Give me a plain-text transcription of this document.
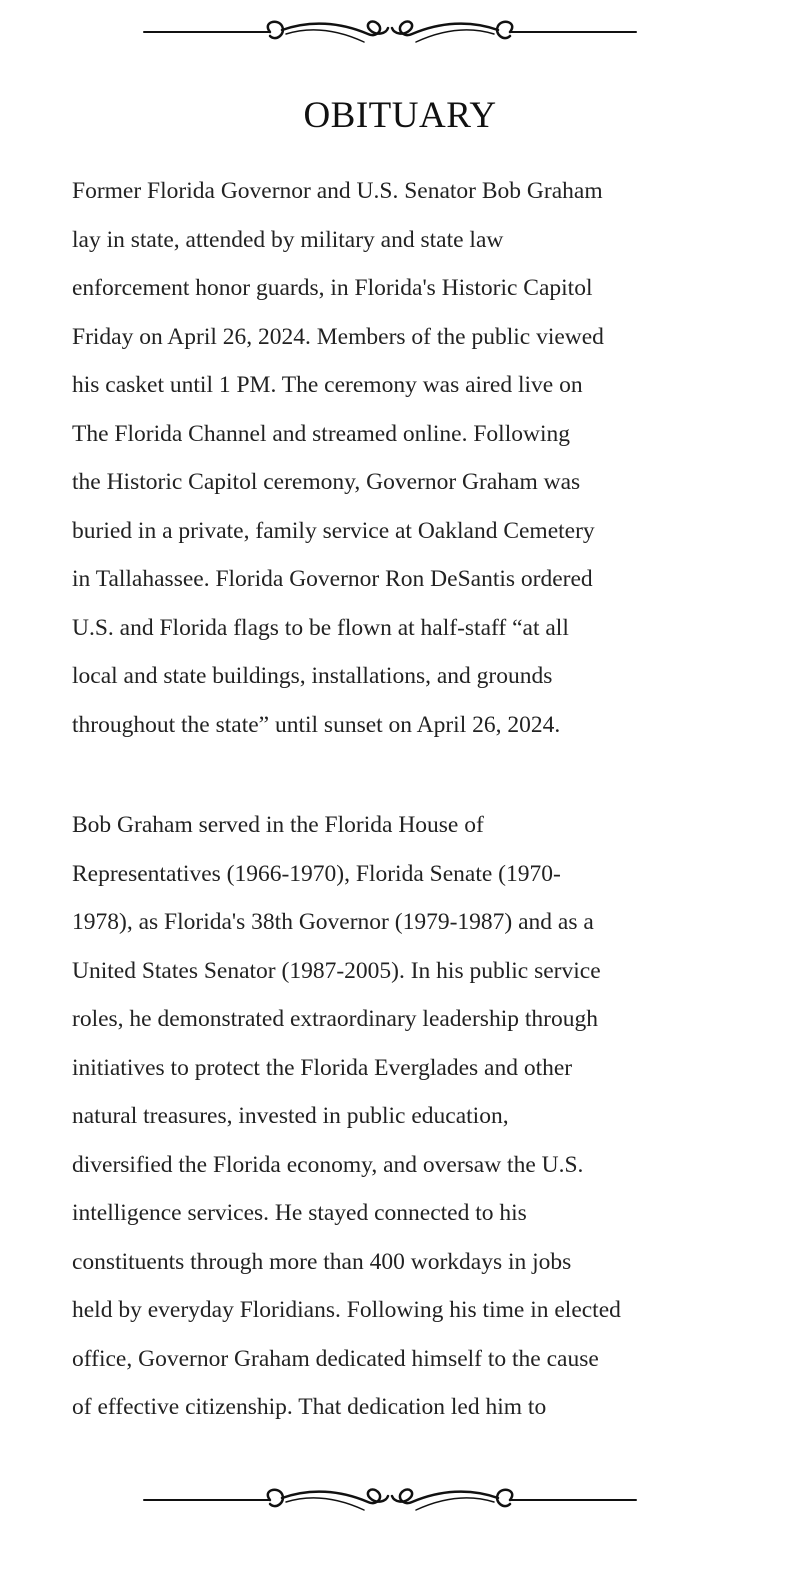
OBITUARY
Former Florida Governor and U.S. Senator Bob Graham
lay in state, attended by military and state law
enforcement honor guards, in Florida's Historic Capitol
Friday on April 26, 2024. Members of the public viewed
his casket until 1 PM. The ceremony was aired live on
The Florida Channel and streamed online. Following
the Historic Capitol ceremony, Governor Graham was
buried in a private, family service at Oakland Cemetery
in Tallahassee. Florida Governor Ron DeSantis ordered
U.S. and Florida flags to be flown at half-staff “at all
local and state buildings, installations, and grounds
throughout the state” until sunset on April 26, 2024.
Bob Graham served in the Florida House of
Representatives (1966-1970), Florida Senate (1970-
1978), as Florida's 38th Governor (1979-1987) and as a
United States Senator (1987-2005). In his public service
roles, he demonstrated extraordinary leadership through
initiatives to protect the Florida Everglades and other
natural treasures, invested in public education,
diversified the Florida economy, and oversaw the U.S.
intelligence services. He stayed connected to his
constituents through more than 400 workdays in jobs
held by everyday Floridians. Following his time in elected
office, Governor Graham dedicated himself to the cause
of effective citizenship. That dedication led him to
